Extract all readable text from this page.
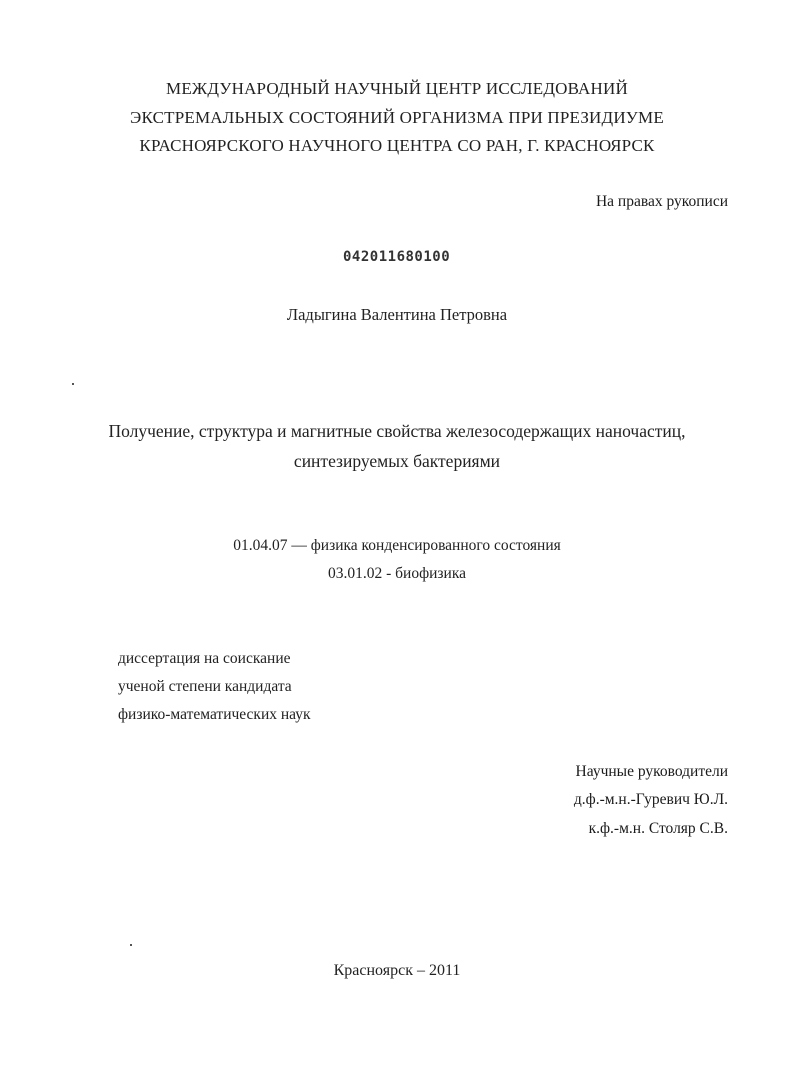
МЕЖДУНАРОДНЫЙ НАУЧНЫЙ ЦЕНТР ИССЛЕДОВАНИЙ
ЭКСТРЕМАЛЬНЫХ СОСТОЯНИЙ ОРГАНИЗМА ПРИ ПРЕЗИДИУМЕ
КРАСНОЯРСКОГО НАУЧНОГО ЦЕНТРА СО РАН, Г. КРАСНОЯРСК
На правах рукописи
042011680100
Ладыгина Валентина Петровна
Получение, структура и магнитные свойства железосодержащих наночастиц,
синтезируемых бактериями
01.04.07 — физика конденсированного состояния
03.01.02 - биофизика
диссертация на соискание
ученой степени кандидата
физико-математических наук
Научные руководители
д.ф.-м.н.-Гуревич Ю.Л.
к.ф.-м.н. Столяр С.В.
Красноярск – 2011
